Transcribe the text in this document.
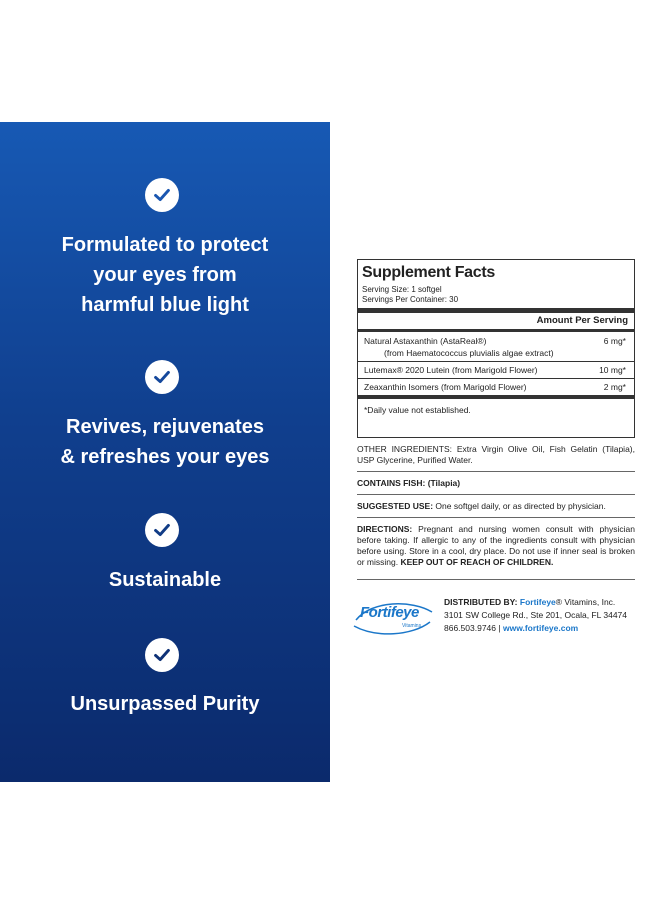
Formulated to protect
your eyes from
harmful blue light
Revives, rejuvenates
& refreshes your eyes
Sustainable
Unsurpassed Purity
Supplement Facts
Serving Size: 1 softgel
Servings Per Container: 30
Amount Per Serving
Natural Astaxanthin (AstaReal®)	6 mg*
(from Haematococcus pluvialis algae extract)
Lutemax® 2020 Lutein (from Marigold Flower)	10 mg*
Zeaxanthin Isomers (from Marigold Flower)	2 mg*
*Daily value not established.
OTHER INGREDIENTS: Extra Virgin Olive Oil, Fish Gelatin (Tilapia), USP Glycerine, Purified Water.
CONTAINS FISH: (Tilapia)
SUGGESTED USE: One softgel daily, or as directed by physician.
DIRECTIONS: Pregnant and nursing women consult with physician before taking. If allergic to any of the ingredients consult with physician before using. Store in a cool, dry place. Do not use if inner seal is broken or missing. KEEP OUT OF REACH OF CHILDREN.
Fortifeye
Vitamins
DISTRIBUTED BY: Fortifeye® Vitamins, Inc.
3101 SW College Rd., Ste 201, Ocala, FL 34474
866.503.9746 | www.fortifeye.com
